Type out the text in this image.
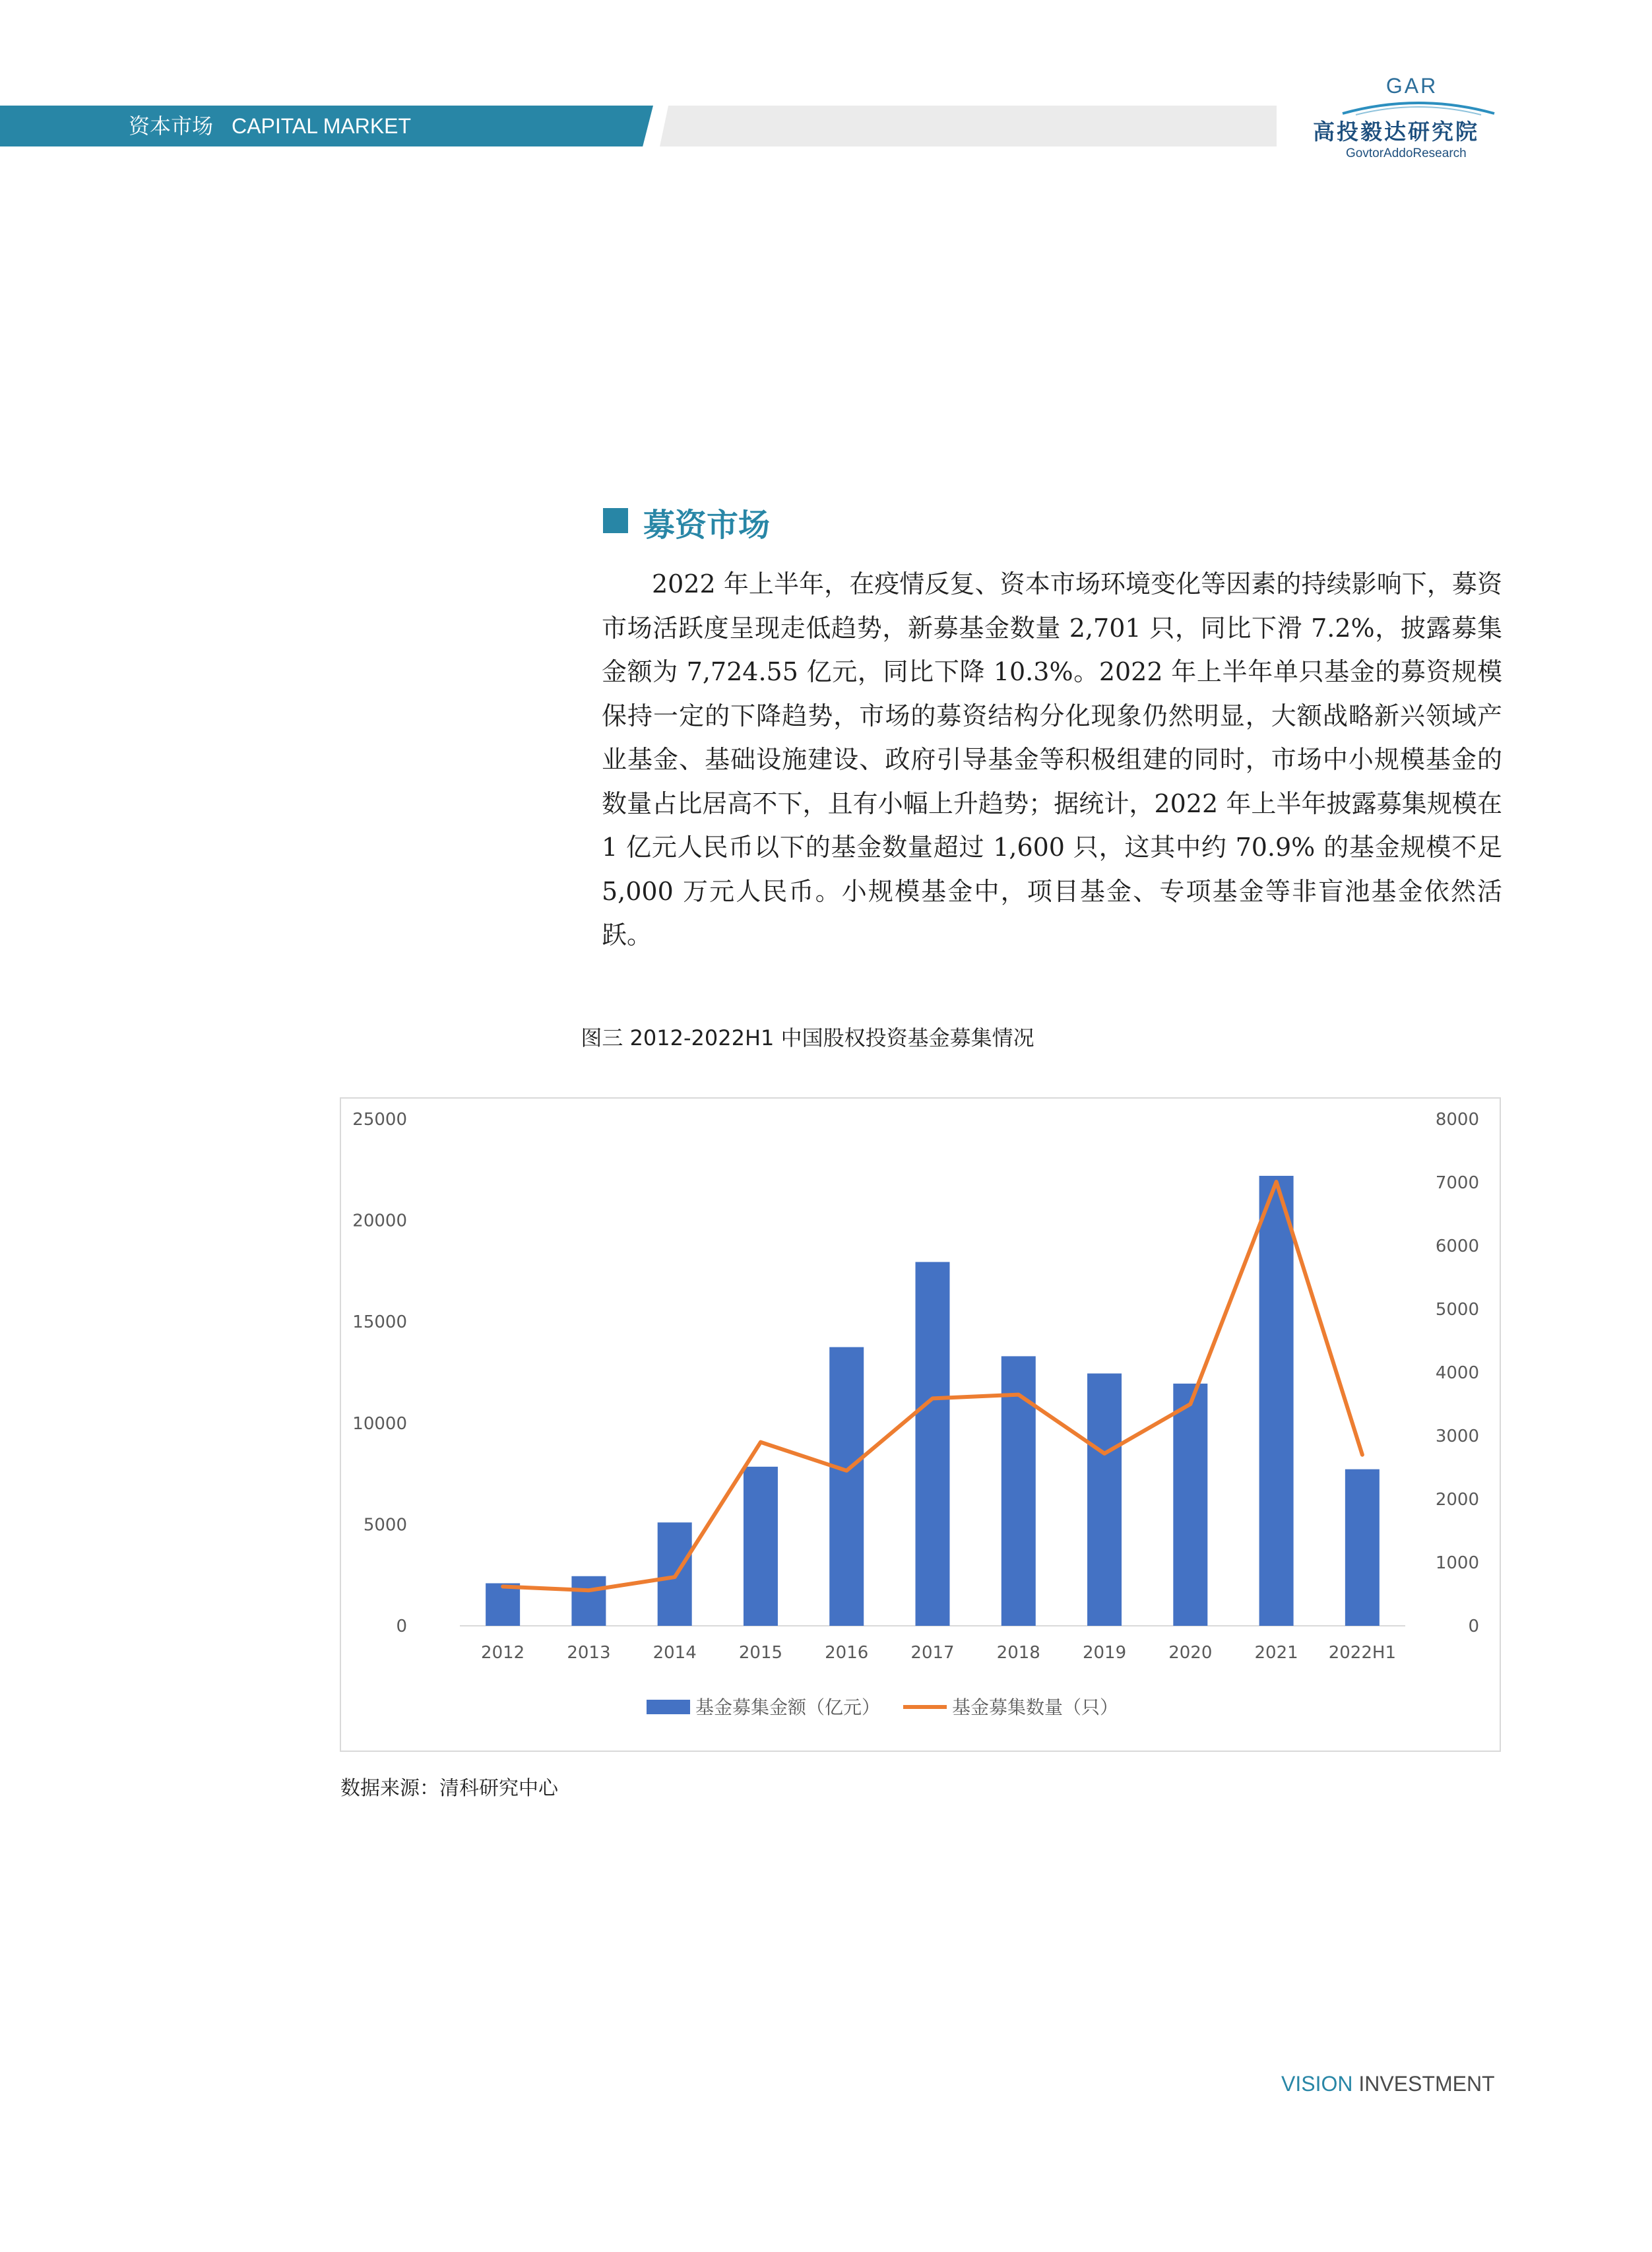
资本市场 CAPITAL MARKET
GAR
高投毅达研究院
GovtorAddoResearch
募资市场

2022 年上半年，在疫情反复、资本市场环境变化等因素的持续影响下，募资市场活跃度呈现走低趋势，新募基金数量 2,701 只，同比下滑 7.2%，披露募集金额为 7,724.55 亿元，同比下降 10.3%。2022 年上半年单只基金的募资规模保持一定的下降趋势，市场的募资结构分化现象仍然明显，大额战略新兴领域产业基金、基础设施建设、政府引导基金等积极组建的同时，市场中小规模基金的数量占比居高不下，且有小幅上升趋势；据统计，2022 年上半年披露募集规模在 1 亿元人民币以下的基金数量超过 1,600 只，这其中约 70.9% 的基金规模不足 5,000 万元人民币。小规模基金中，项目基金、专项基金等非盲池基金依然活跃。

图三 2012-2022H1 中国股权投资基金募集情况
0
5000
10000
15000
20000
25000
0
1000
2000
3000
4000
5000
6000
7000
8000
2012 2013 2014 2015 2016 2017 2018 2019 2020 2021 2022H1
基金募集金额（亿元）	基金募集数量（只）
数据来源：清科研究中心
VISION INVESTMENT
